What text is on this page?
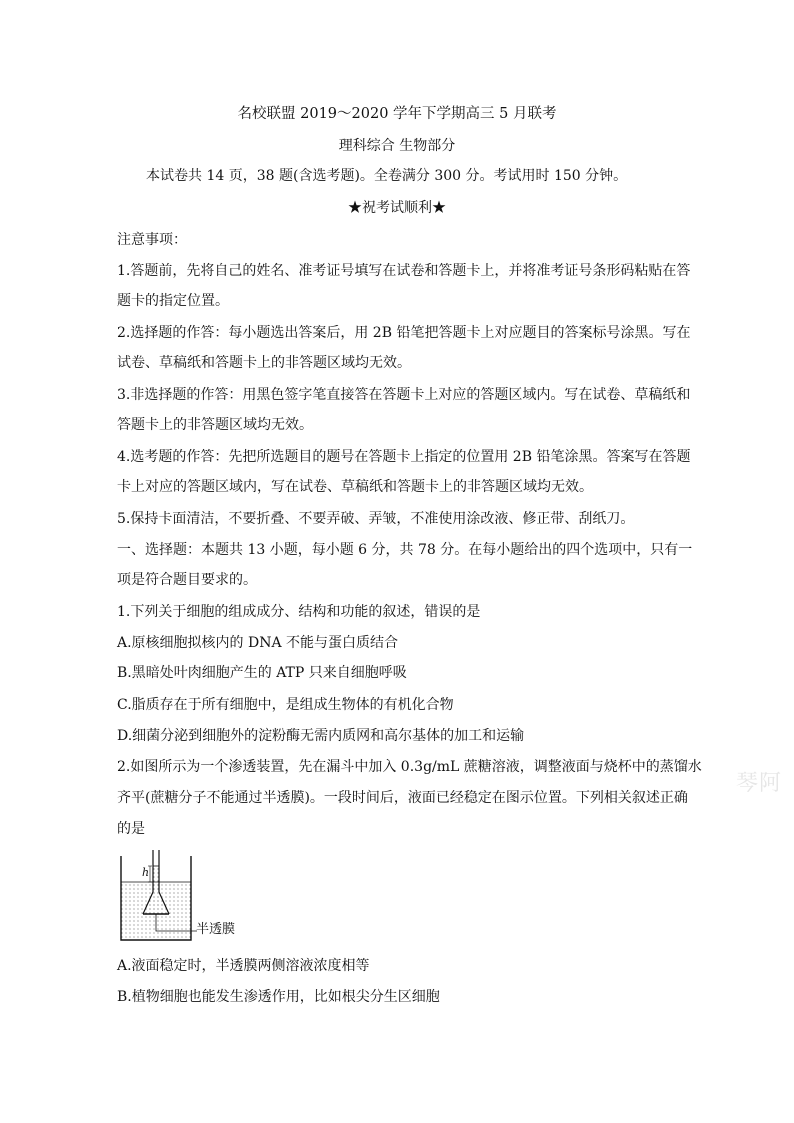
名校联盟 2019～2020 学年下学期高三 5 月联考
理科综合 生物部分
本试卷共 14 页，38 题(含选考题)。全卷满分 300 分。考试用时 150 分钟。
★祝考试顺利★
注意事项：
1.答题前，先将自己的姓名、准考证号填写在试卷和答题卡上，并将准考证号条形码粘贴在答
题卡的指定位置。
2.选择题的作答：每小题选出答案后，用 2B 铅笔把答题卡上对应题目的答案标号涂黑。写在
试卷、草稿纸和答题卡上的非答题区域均无效。
3.非选择题的作答：用黑色签字笔直接答在答题卡上对应的答题区域内。写在试卷、草稿纸和
答题卡上的非答题区域均无效。
4.选考题的作答：先把所选题目的题号在答题卡上指定的位置用 2B 铅笔涂黑。答案写在答题
卡上对应的答题区域内，写在试卷、草稿纸和答题卡上的非答题区域均无效。
5.保持卡面清洁，不要折叠、不要弄破、弄皱，不准使用涂改液、修正带、刮纸刀。
一、选择题：本题共 13 小题，每小题 6 分，共 78 分。在每小题给出的四个选项中，只有一
项是符合题目要求的。
1.下列关于细胞的组成成分、结构和功能的叙述，错误的是
A.原核细胞拟核内的 DNA 不能与蛋白质结合
B.黑暗处叶肉细胞产生的 ATP 只来自细胞呼吸
C.脂质存在于所有细胞中，是组成生物体的有机化合物
D.细菌分泌到细胞外的淀粉酶无需内质网和高尔基体的加工和运输
2.如图所示为一个渗透装置，先在漏斗中加入 0.3g/mL 蔗糖溶液，调整液面与烧杯中的蒸馏水
齐平(蔗糖分子不能通过半透膜)。一段时间后，液面已经稳定在图示位置。下列相关叙述正确
的是
h
半透膜
A.液面稳定时，半透膜两侧溶液浓度相等
B.植物细胞也能发生渗透作用，比如根尖分生区细胞
琴阿
